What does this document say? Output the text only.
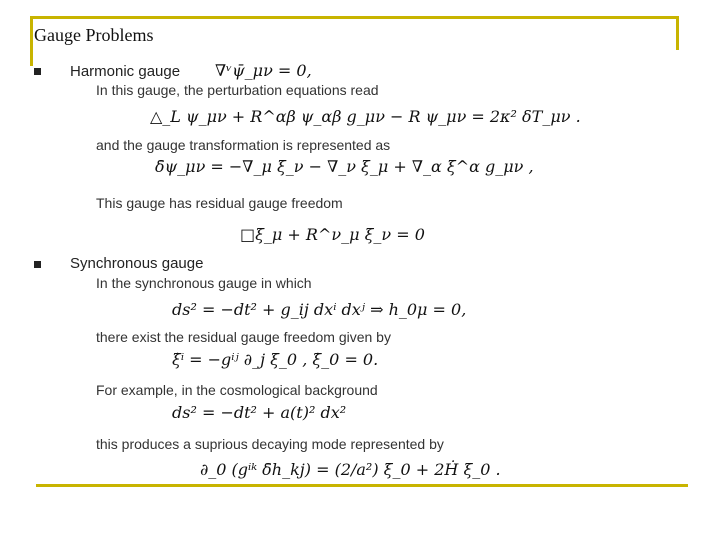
Gauge Problems
Harmonic gauge ∇ᵛψ̄_μν = 0,
In this gauge, the perturbation equations read
△_L ψ_μν + R^αβ ψ_αβ g_μν − R ψ_μν = 2κ² δT_μν .
and the gauge transformation is represented as
δ̄ψ_μν = −∇_μ ξ_ν − ∇_ν ξ_μ + ∇_α ξ^α g_μν ,
This gauge has residual gauge freedom
□ξ_μ + R^ν_μ ξ_ν = 0
Synchronous gauge
In the synchronous gauge in which
ds² = −dt² + g_ij dxⁱ dxʲ ⇒ h_0μ = 0,
there exist the residual gauge freedom given by
ξ̇ⁱ = −gⁱʲ ∂_j ξ_0 , ξ̇_0 = 0.
For example, in the cosmological background
ds² = −dt² + a(t)² dx²
this produces a suprious decaying mode represented by
∂_0 (gⁱᵏ δ̄h_kj) = (2/a²) ξ_0 + 2Ḣ ξ_0 .
